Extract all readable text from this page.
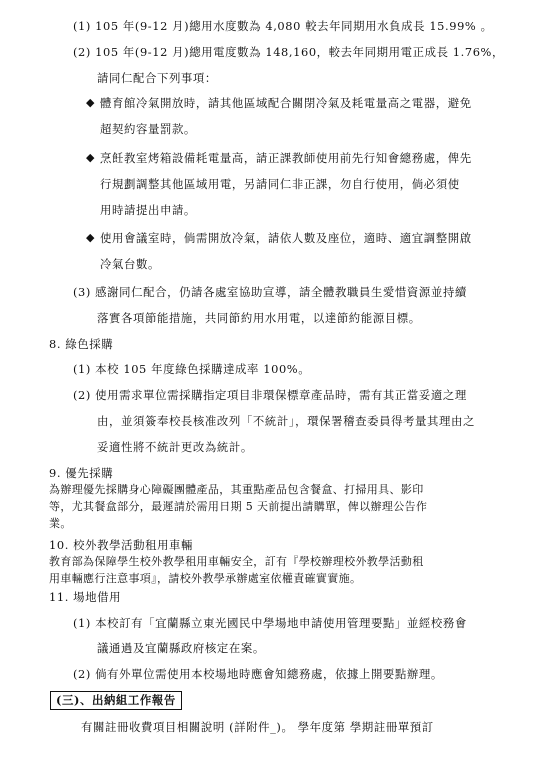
(1) 105 年(9-12 月)總用水度數為 4,080 較去年同期用水負成長 15.99% 。
(2) 105 年(9-12 月)總用電度數為 148,160，較去年同期用電正成長 1.76%，
請同仁配合下列事項：
◆ 體育館冷氣開放時，請其他區域配合關閉冷氣及耗電量高之電器，避免
超契約容量罰款。
◆ 烹飪教室烤箱設備耗電量高，請正課教師使用前先行知會總務處，俾先
行規劃調整其他區域用電，另請同仁非正課，勿自行使用，倘必須使
用時請提出申請。
◆ 使用會議室時，倘需開放冷氣，請依人數及座位，適時、適宜調整開啟
冷氣台數。
(3) 感謝同仁配合，仍請各處室協助宣導，請全體教職員生愛惜資源並持續
落實各項節能措施，共同節約用水用電，以達節約能源目標。
8. 綠色採購
(1) 本校 105 年度綠色採購達成率 100%。
(2) 使用需求單位需採購指定項目非環保標章產品時，需有其正當妥適之理
由，並須簽奉校長核准改列「不統計」，環保署稽查委員得考量其理由之
妥適性將不統計更改為統計。
9. 優先採購
為辦理優先採購身心障礙團體產品，其重點產品包含餐盒、打掃用具、影印
等，尤其餐盒部分，最遲請於需用日期 5 天前提出請購單，俾以辦理公告作
業。
10. 校外教學活動租用車輛
教育部為保障學生校外教學租用車輛安全，訂有『學校辦理校外教學活動租
用車輛應行注意事項』，請校外教學承辦處室依權責確實實施。
11. 場地借用
(1) 本校訂有「宜蘭縣立東光國民中學場地申請使用管理要點」並經校務會
議通過及宜蘭縣政府核定在案。
(2) 倘有外單位需使用本校場地時應會知總務處，依據上開要點辦理。
(三)、出納組工作報告
有關註冊收費項目相關說明 (詳附件_)。 學年度第 學期註冊單預訂
